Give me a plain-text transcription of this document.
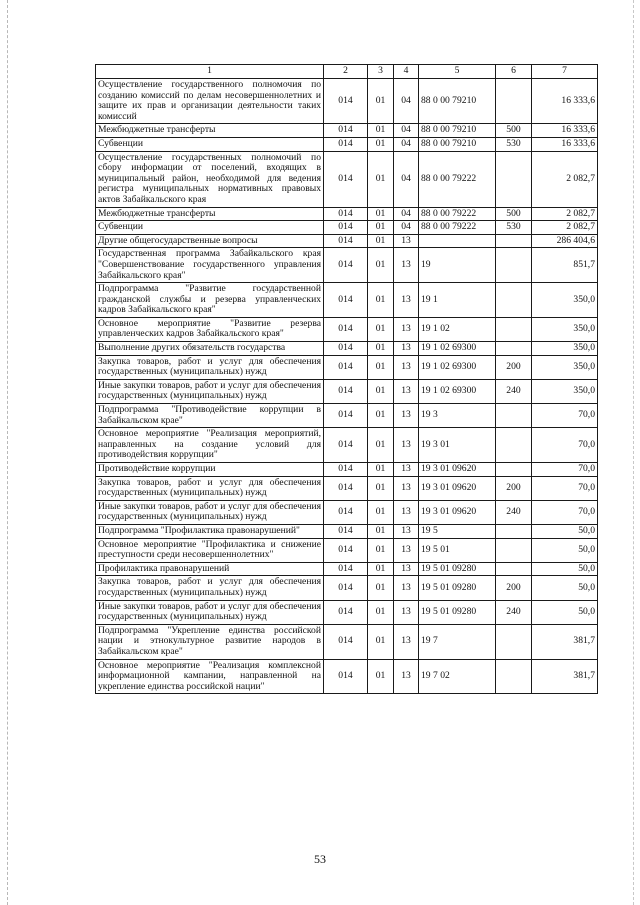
1	2	3	4	5	6	7
Осуществление государственного полномочия по созданию комиссий по делам несовершеннолетних и защите их прав и организации деятельности таких комиссий	014	01	04	88 0 00 79210		16 333,6
Межбюджетные трансферты	014	01	04	88 0 00 79210	500	16 333,6
Субвенции	014	01	04	88 0 00 79210	530	16 333,6
Осуществление государственных полномочий по сбору информации от поселений, входящих в муниципальный район, необходимой для ведения регистра муниципальных нормативных правовых актов Забайкальского края	014	01	04	88 0 00 79222		2 082,7
Межбюджетные трансферты	014	01	04	88 0 00 79222	500	2 082,7
Субвенции	014	01	04	88 0 00 79222	530	2 082,7
Другие общегосударственные вопросы	014	01	13			286 404,6
Государственная программа Забайкальского края "Совершенствование государственного управления Забайкальского края"	014	01	13	19		851,7
Подпрограмма "Развитие государственной гражданской службы и резерва управленческих кадров Забайкальского края"	014	01	13	19 1		350,0
Основное мероприятие "Развитие резерва управленческих кадров Забайкальского края"	014	01	13	19 1 02		350,0
Выполнение других обязательств государства	014	01	13	19 1 02 69300		350,0
Закупка товаров, работ и услуг для обеспечения государственных (муниципальных) нужд	014	01	13	19 1 02 69300	200	350,0
Иные закупки товаров, работ и услуг для обеспечения государственных (муниципальных) нужд	014	01	13	19 1 02 69300	240	350,0
Подпрограмма "Противодействие коррупции в Забайкальском крае"	014	01	13	19 3		70,0
Основное мероприятие "Реализация мероприятий, направленных на создание условий для противодействия коррупции"	014	01	13	19 3 01		70,0
Противодействие коррупции	014	01	13	19 3 01 09620		70,0
Закупка товаров, работ и услуг для обеспечения государственных (муниципальных) нужд	014	01	13	19 3 01 09620	200	70,0
Иные закупки товаров, работ и услуг для обеспечения государственных (муниципальных) нужд	014	01	13	19 3 01 09620	240	70,0
Подпрограмма "Профилактика правонарушений"	014	01	13	19 5		50,0
Основное мероприятие "Профилактика и снижение преступности среди несовершеннолетних"	014	01	13	19 5 01		50,0
Профилактика правонарушений	014	01	13	19 5 01 09280		50,0
Закупка товаров, работ и услуг для обеспечения государственных (муниципальных) нужд	014	01	13	19 5 01 09280	200	50,0
Иные закупки товаров, работ и услуг для обеспечения государственных (муниципальных) нужд	014	01	13	19 5 01 09280	240	50,0
Подпрограмма "Укрепление единства российской нации и этнокультурное развитие народов в Забайкальском крае"	014	01	13	19 7		381,7
Основное мероприятие "Реализация комплексной информационной кампании, направленной на укрепление единства российской нации"	014	01	13	19 7 02		381,7
53
